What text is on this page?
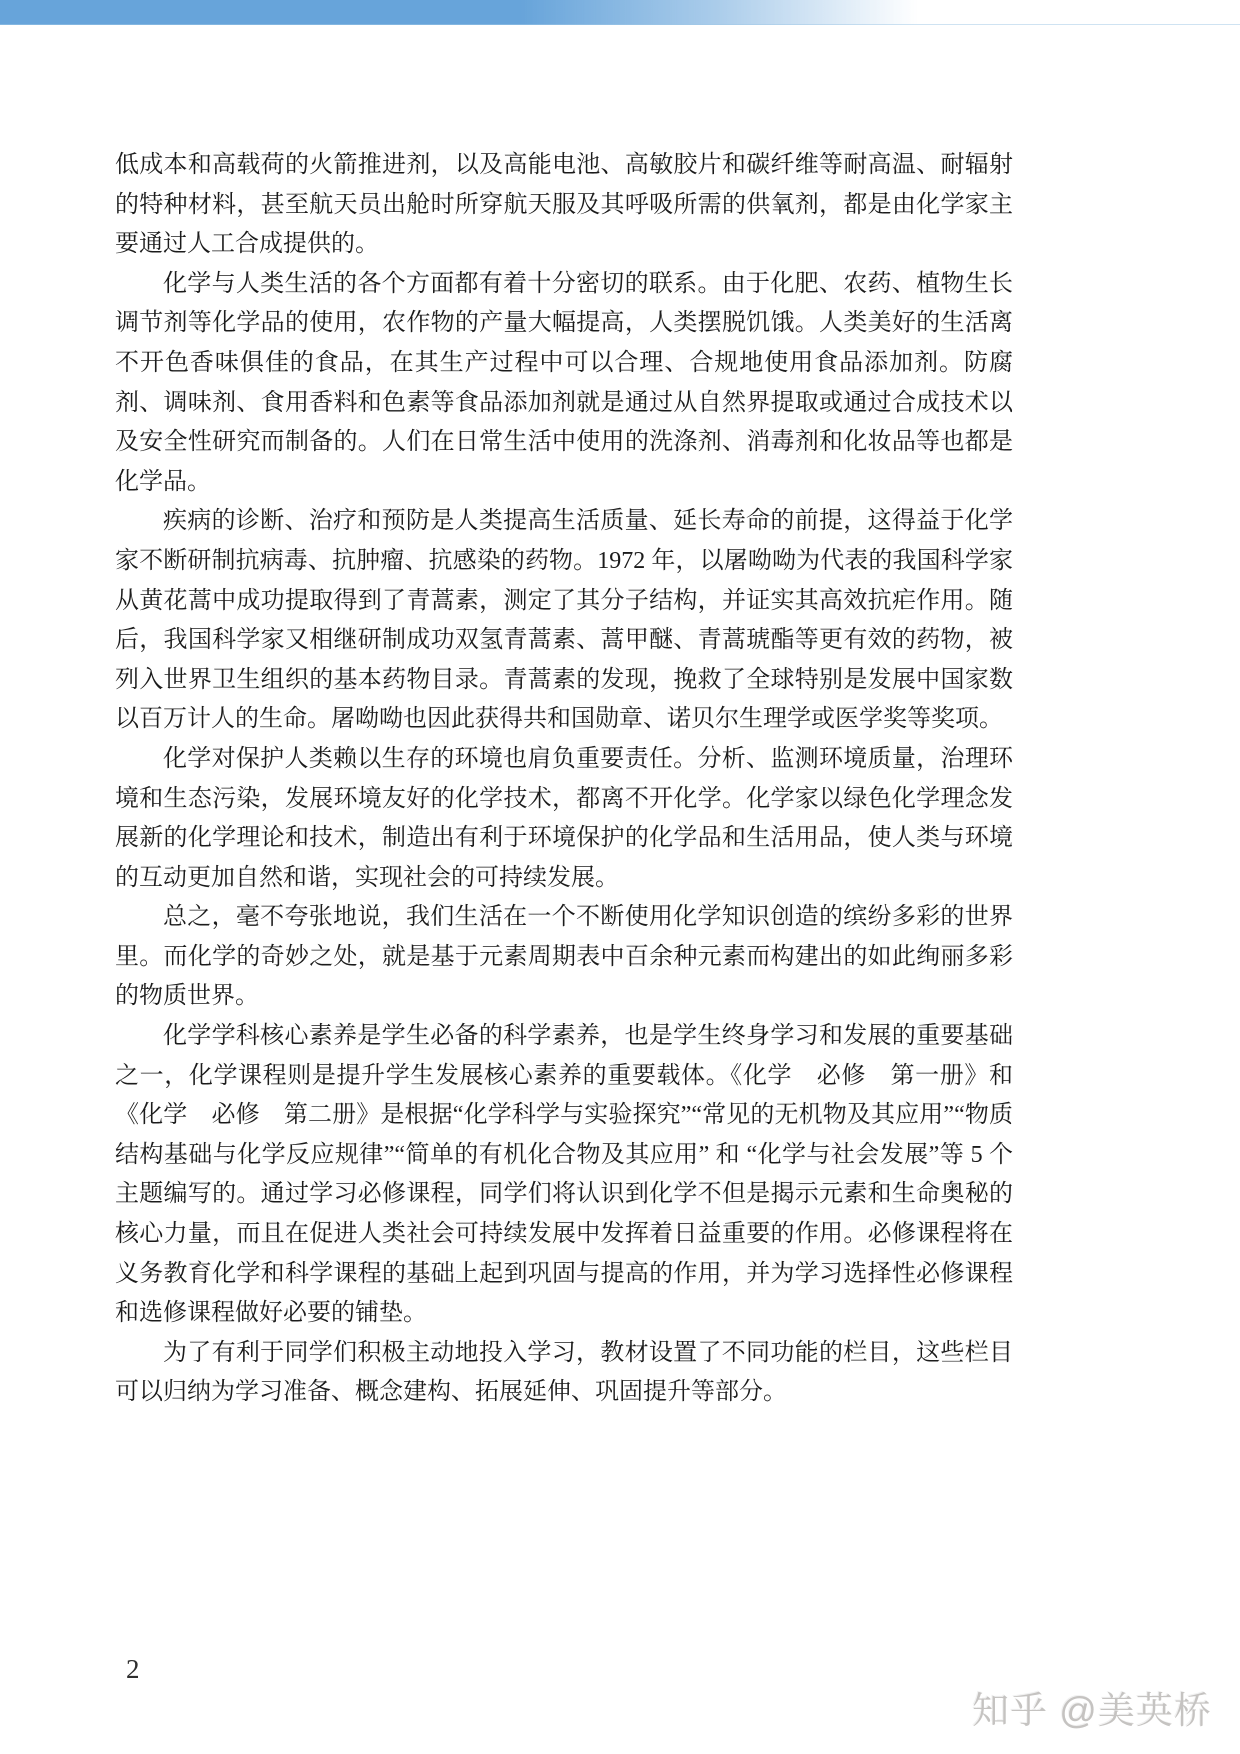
低成本和高载荷的火箭推进剂，以及高能电池、高敏胶片和碳纤维等耐高温、耐辐射的特种材料，甚至航天员出舱时所穿航天服及其呼吸所需的供氧剂，都是由化学家主要通过人工合成提供的。

化学与人类生活的各个方面都有着十分密切的联系。由于化肥、农药、植物生长调节剂等化学品的使用，农作物的产量大幅提高，人类摆脱饥饿。人类美好的生活离不开色香味俱佳的食品，在其生产过程中可以合理、合规地使用食品添加剂。防腐剂、调味剂、食用香料和色素等食品添加剂就是通过从自然界提取或通过合成技术以及安全性研究而制备的。人们在日常生活中使用的洗涤剂、消毒剂和化妆品等也都是化学品。

疾病的诊断、治疗和预防是人类提高生活质量、延长寿命的前提，这得益于化学家不断研制抗病毒、抗肿瘤、抗感染的药物。1972 年，以屠呦呦为代表的我国科学家从黄花蒿中成功提取得到了青蒿素，测定了其分子结构，并证实其高效抗疟作用。随后，我国科学家又相继研制成功双氢青蒿素、蒿甲醚、青蒿琥酯等更有效的药物，被列入世界卫生组织的基本药物目录。青蒿素的发现，挽救了全球特别是发展中国家数以百万计人的生命。屠呦呦也因此获得共和国勋章、诺贝尔生理学或医学奖等奖项。

化学对保护人类赖以生存的环境也肩负重要责任。分析、监测环境质量，治理环境和生态污染，发展环境友好的化学技术，都离不开化学。化学家以绿色化学理念发展新的化学理论和技术，制造出有利于环境保护的化学品和生活用品，使人类与环境的互动更加自然和谐，实现社会的可持续发展。

总之，毫不夸张地说，我们生活在一个不断使用化学知识创造的缤纷多彩的世界里。而化学的奇妙之处，就是基于元素周期表中百余种元素而构建出的如此绚丽多彩的物质世界。

化学学科核心素养是学生必备的科学素养，也是学生终身学习和发展的重要基础之一，化学课程则是提升学生发展核心素养的重要载体。《化学　必修　第一册》和《化学　必修　第二册》是根据“化学科学与实验探究”“常见的无机物及其应用”“物质结构基础与化学反应规律”“简单的有机化合物及其应用” 和 “化学与社会发展”等 5 个主题编写的。通过学习必修课程，同学们将认识到化学不但是揭示元素和生命奥秘的核心力量，而且在促进人类社会可持续发展中发挥着日益重要的作用。必修课程将在义务教育化学和科学课程的基础上起到巩固与提高的作用，并为学习选择性必修课程和选修课程做好必要的铺垫。

为了有利于同学们积极主动地投入学习，教材设置了不同功能的栏目，这些栏目可以归纳为学习准备、概念建构、拓展延伸、巩固提升等部分。

2
知乎 @美英桥
